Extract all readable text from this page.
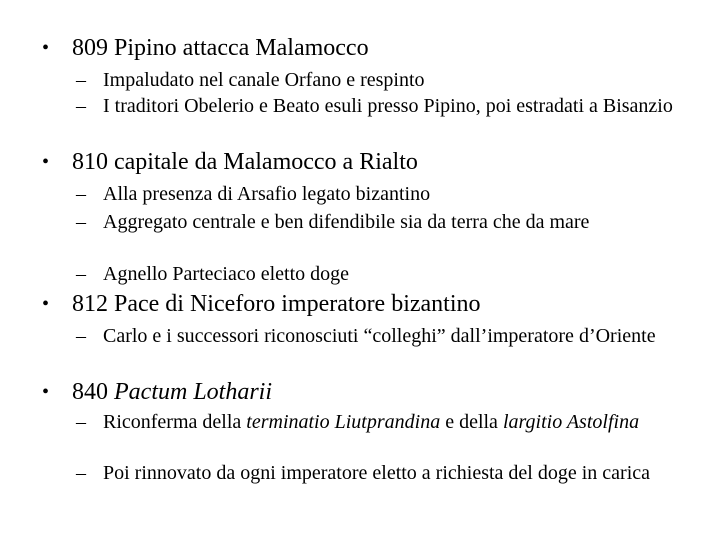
• 809 Pipino attacca Malamocco
– Impaludato nel canale Orfano e respinto
– I traditori Obelerio e Beato esuli presso Pipino, poi estradati a Bisanzio
• 810 capitale da Malamocco a Rialto
– Alla presenza di Arsafio legato bizantino
– Aggregato centrale e ben difendibile sia da terra che da mare
– Agnello Parteciaco eletto doge
• 812 Pace di Niceforo imperatore bizantino
– Carlo e i successori riconosciuti “colleghi” dall’imperatore d’Oriente
• 840 Pactum Lotharii
– Riconferma della terminatio Liutprandina e della largitio Astolfina
– Poi rinnovato da ogni imperatore eletto a richiesta del doge in carica
